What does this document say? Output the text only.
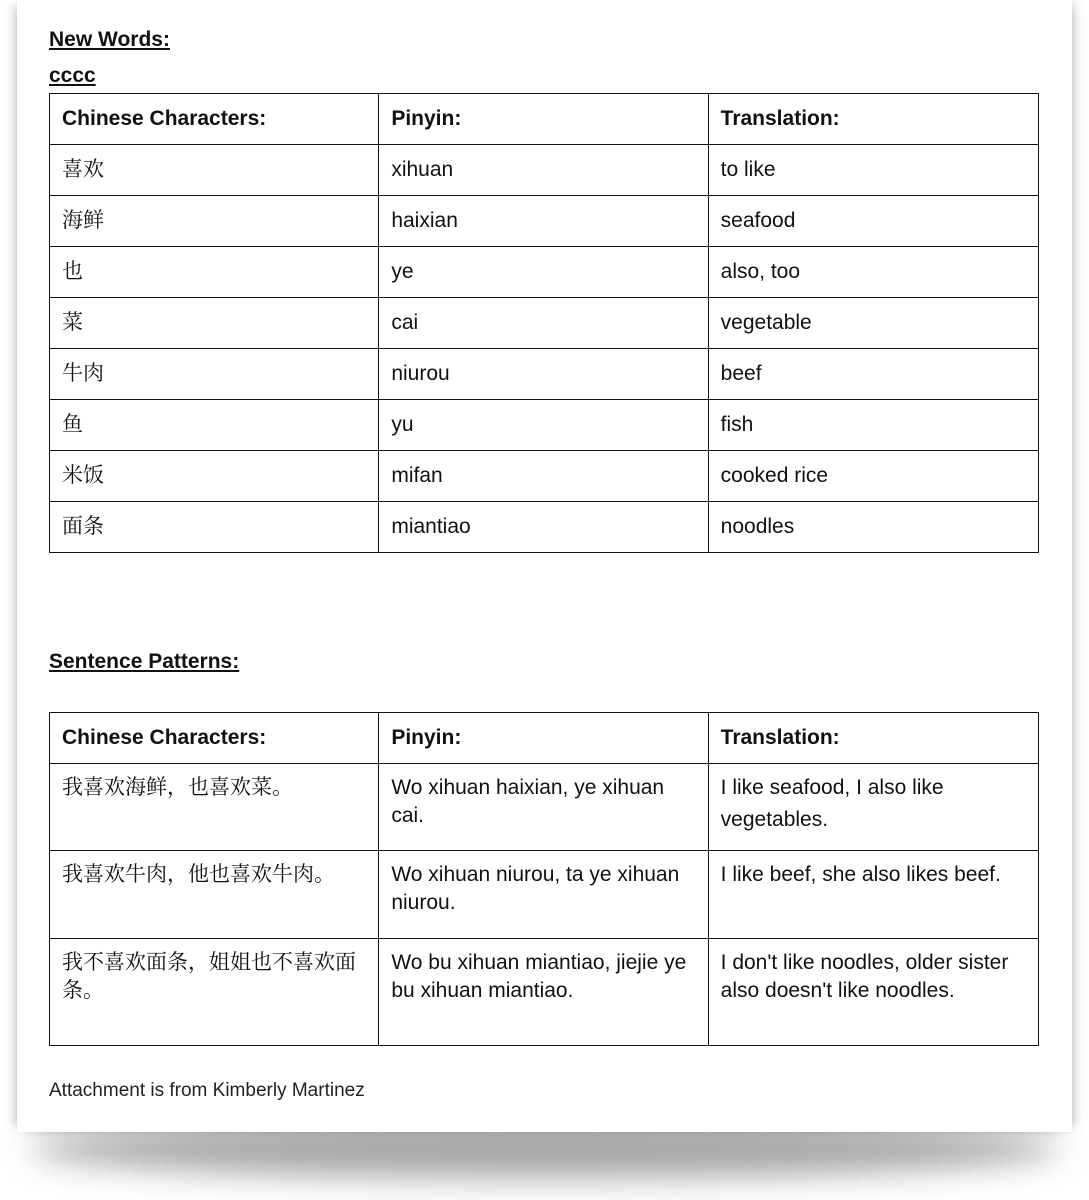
New Words:
cccc
Chinese Characters:	Pinyin:	Translation:
喜欢	xihuan	to like
海鲜	haixian	seafood
也	ye	also, too
菜	cai	vegetable
牛肉	niurou	beef
鱼	yu	fish
米饭	mifan	cooked rice
面条	miantiao	noodles
Sentence Patterns:
Chinese Characters:	Pinyin:	Translation:
我喜欢海鲜，也喜欢菜。	Wo xihuan haixian, ye xihuan cai.	I like seafood, I also like vegetables.
我喜欢牛肉，他也喜欢牛肉。	Wo xihuan niurou, ta ye xihuan niurou.	I like beef, she also likes beef.
我不喜欢面条，姐姐也不喜欢面条。	Wo bu xihuan miantiao, jiejie ye bu xihuan miantiao.	I don't like noodles, older sister also doesn't like noodles.
Attachment is from Kimberly Martinez
